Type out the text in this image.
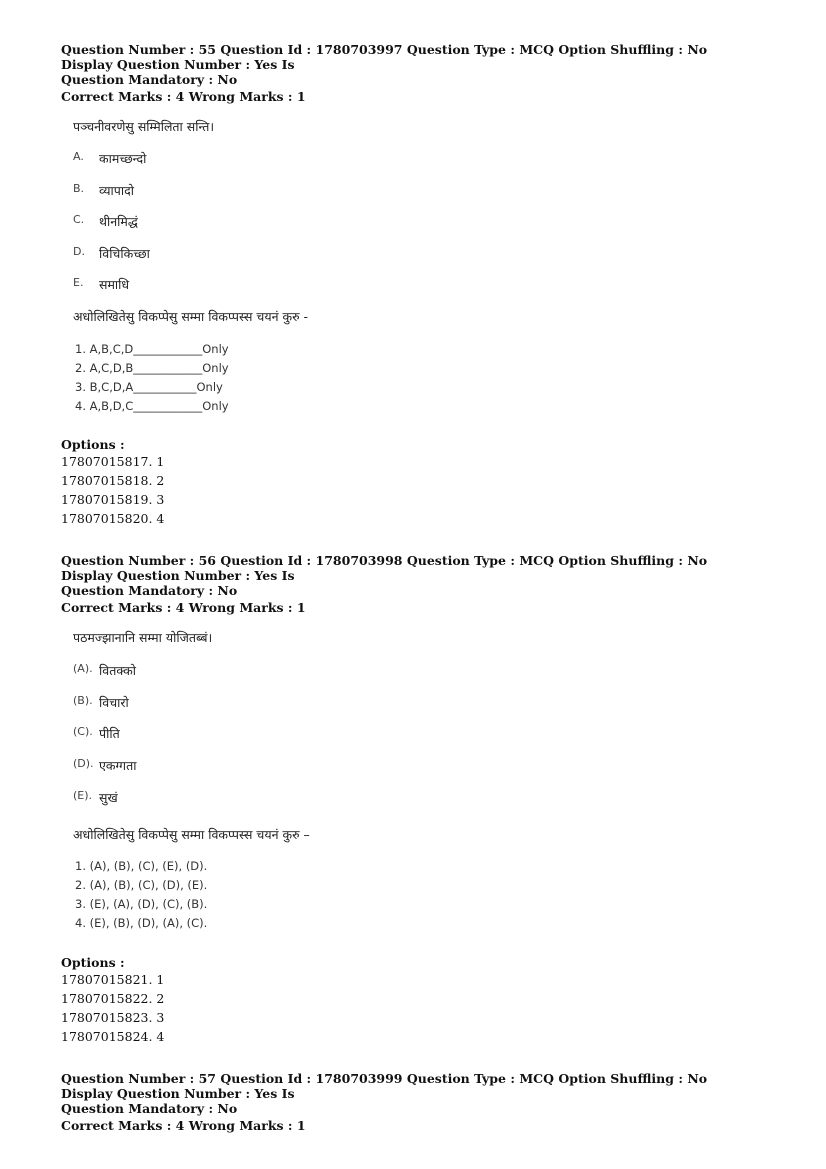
Question Number : 55 Question Id : 1780703997 Question Type : MCQ Option Shuffling : No Display Question Number : Yes Is
Question Mandatory : No
Correct Marks : 4 Wrong Marks : 1
पञ्चनीवरणेसु सम्मिलिता सन्ति।
A.	कामच्छन्दो
B.	व्यापादो
C.	थीनमिद्धं
D.	विचिकिच्छा
E.	समाधि
अधोलिखितेसु विकप्पेसु सम्मा विकप्पस्स चयनं कुरु -
1. A,B,C,D____________Only
2. A,C,D,B____________Only
3. B,C,D,A___________Only
4. A,B,D,C____________Only
Options :
17807015817. 1
17807015818. 2
17807015819. 3
17807015820. 4
Question Number : 56 Question Id : 1780703998 Question Type : MCQ Option Shuffling : No Display Question Number : Yes Is
Question Mandatory : No
Correct Marks : 4 Wrong Marks : 1
पठमज्झानानि सम्मा योजितब्बं।
(A). वितक्को
(B). विचारो
(C). पीति
(D). एकग्गता
(E). सुखं
अधोलिखितेसु विकप्पेसु सम्मा विकप्पस्स चयनं कुरु –
1. (A), (B), (C), (E), (D).
2. (A), (B), (C), (D), (E).
3. (E), (A), (D), (C), (B).
4. (E), (B), (D), (A), (C).
Options :
17807015821. 1
17807015822. 2
17807015823. 3
17807015824. 4
Question Number : 57 Question Id : 1780703999 Question Type : MCQ Option Shuffling : No Display Question Number : Yes Is
Question Mandatory : No
Correct Marks : 4 Wrong Marks : 1
